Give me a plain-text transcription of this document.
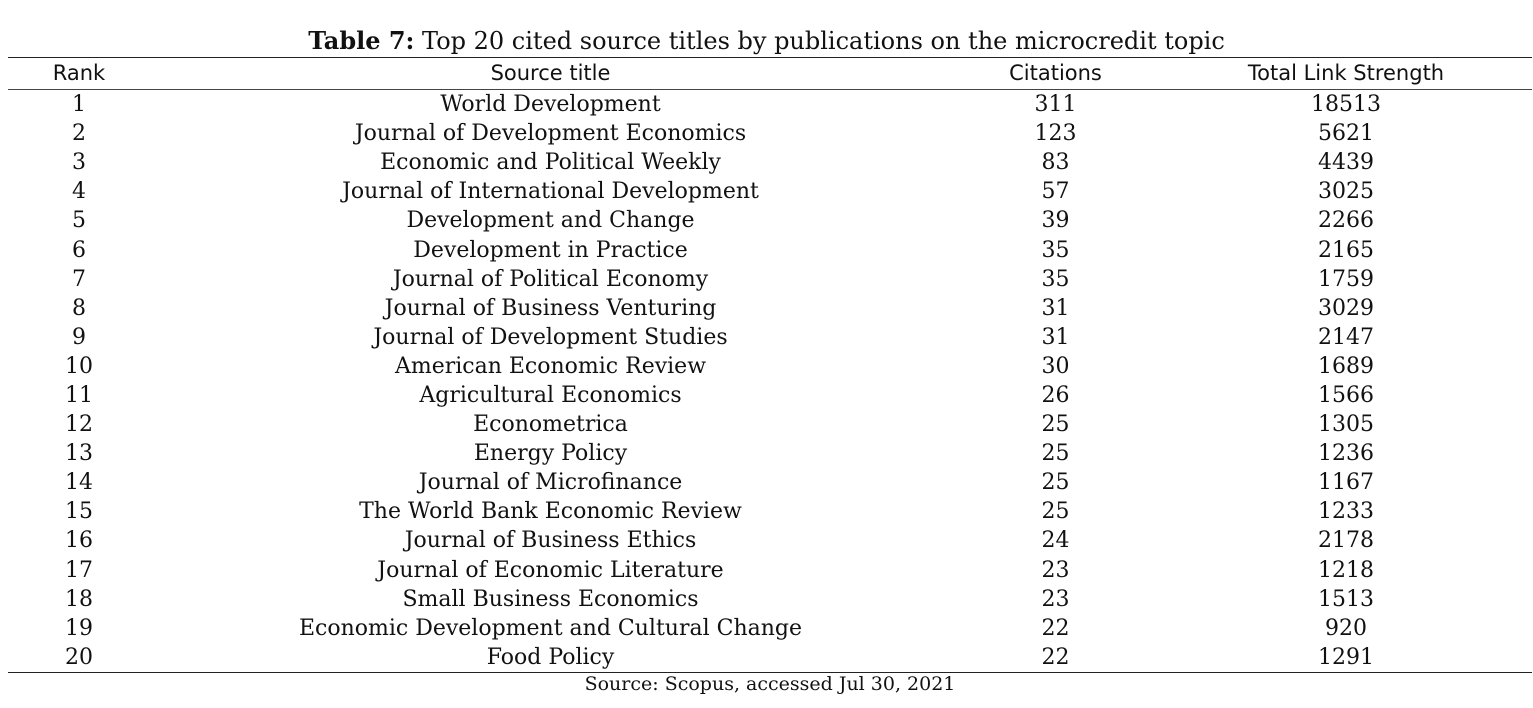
Table 7: Top 20 cited source titles by publications on the microcredit topic
Rank	Source title	Citations	Total Link Strength
1	World Development	311	18513
2	Journal of Development Economics	123	5621
3	Economic and Political Weekly	83	4439
4	Journal of International Development	57	3025
5	Development and Change	39	2266
6	Development in Practice	35	2165
7	Journal of Political Economy	35	1759
8	Journal of Business Venturing	31	3029
9	Journal of Development Studies	31	2147
10	American Economic Review	30	1689
11	Agricultural Economics	26	1566
12	Econometrica	25	1305
13	Energy Policy	25	1236
14	Journal of Microfinance	25	1167
15	The World Bank Economic Review	25	1233
16	Journal of Business Ethics	24	2178
17	Journal of Economic Literature	23	1218
18	Small Business Economics	23	1513
19	Economic Development and Cultural Change	22	920
20	Food Policy	22	1291
Source: Scopus, accessed Jul 30, 2021
